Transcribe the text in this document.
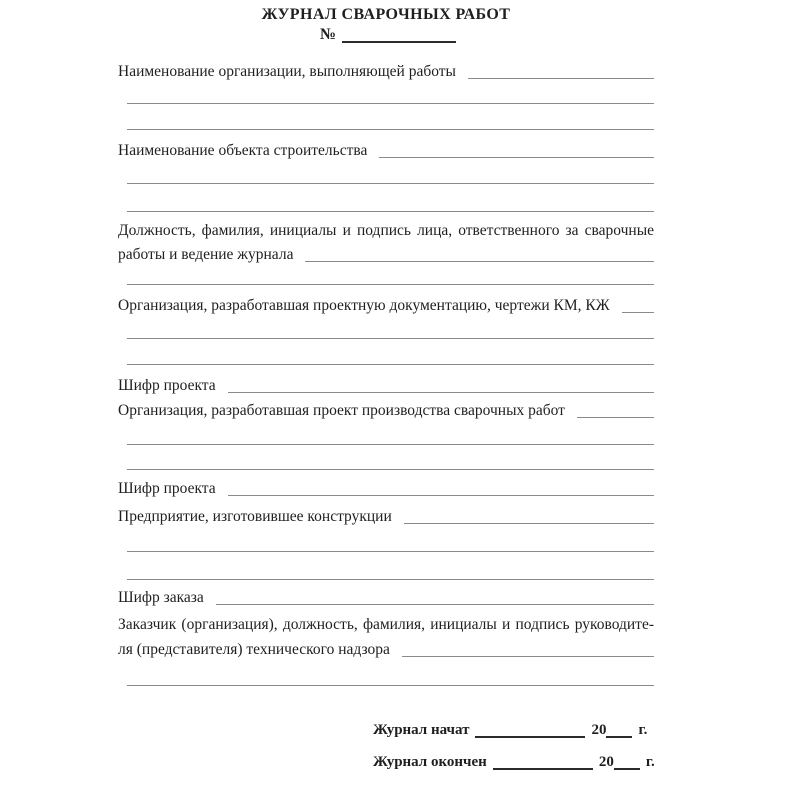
ЖУРНАЛ СВАРОЧНЫХ РАБОТ
№
Наименование организации, выполняющей работы
Наименование объекта строительства
Должность, фамилия, инициалы и подпись лица, ответственного за сварочные
работы и ведение журнала
Организация, разработавшая проектную документацию, чертежи КМ, КЖ
Шифр проекта
Организация, разработавшая проект производства сварочных работ
Шифр проекта
Предприятие, изготовившее конструкции
Шифр заказа
Заказчик (организация), должность, фамилия, инициалы и подпись руководите-
ля (представителя) технического надзора
Журнал начат	20 г.
Журнал окончен	20 г.
